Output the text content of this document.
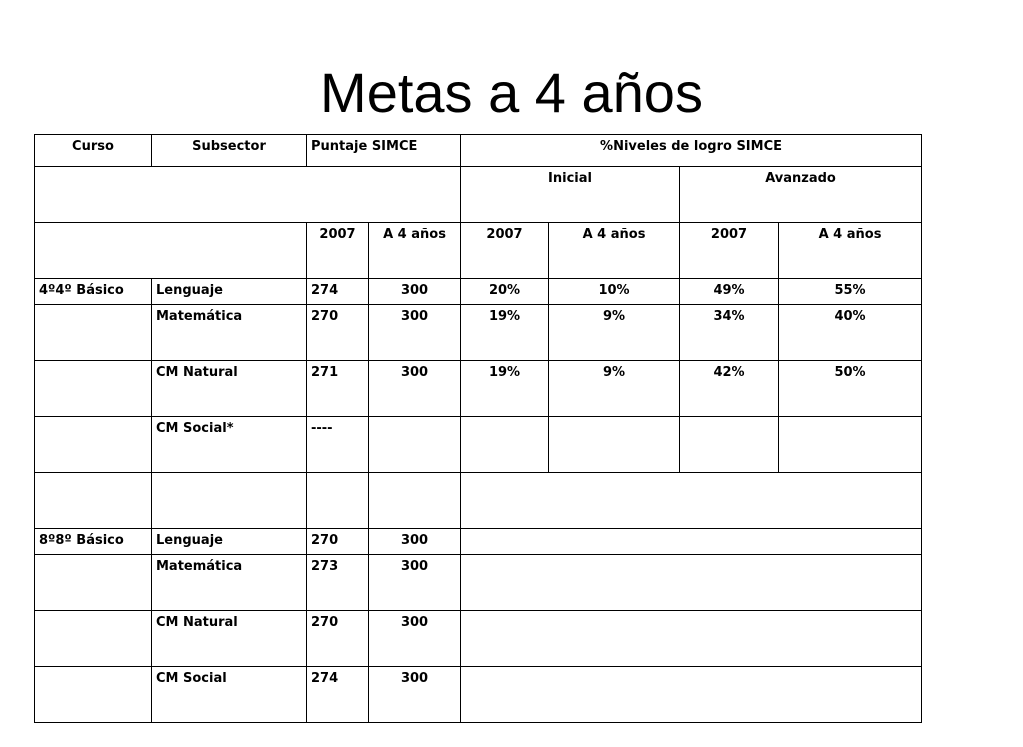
Metas a 4 años
Curso	Subsector	Puntaje SIMCE		%Niveles de logro SIMCE			
				Inicial		Avanzado	
		2007	A 4 años	2007	A 4 años	2007	A 4 años
4º4º Básico	Lenguaje	274	300	20%	10%	49%	55%
	Matemática	270	300	19%	9%	34%	40%
	CM Natural	271	300	19%	9%	42%	50%
	CM Social*	----					

8º8º Básico	Lenguaje	270	300				
	Matemática	273	300				
	CM Natural	270	300				
	CM Social	274	300				
